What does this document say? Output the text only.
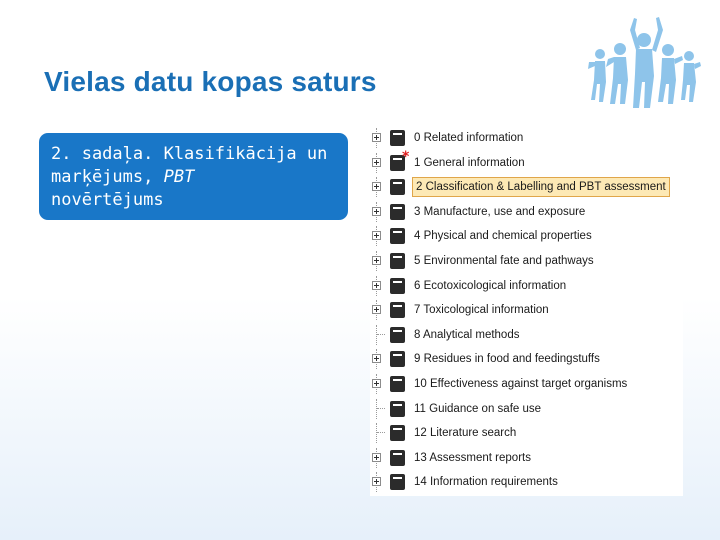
Vielas datu kopas saturs
2. sadaļa. Klasifikācija un
marķējums, PBT
novērtējums
0 Related information
* 1 General information
2 Classification & Labelling and PBT assessment
3 Manufacture, use and exposure
4 Physical and chemical properties
5 Environmental fate and pathways
6 Ecotoxicological information
7 Toxicological information
8 Analytical methods
9 Residues in food and feedingstuffs
10 Effectiveness against target organisms
11 Guidance on safe use
12 Literature search
13 Assessment reports
14 Information requirements
